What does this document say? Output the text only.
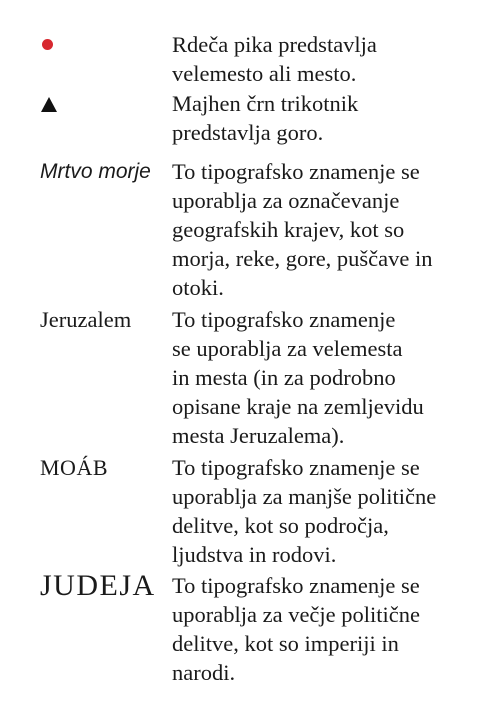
Rdeča pika predstavlja
velemesto ali mesto.
Majhen črn trikotnik
predstavlja goro.
Mrtvo morje To tipografsko znamenje se
uporablja za označevanje
geografskih krajev, kot so
morja, reke, gore, puščave in
otoki.
Jeruzalem To tipografsko znamenje
se uporablja za velemesta
in mesta (in za podrobno
opisane kraje na zemljevidu
mesta Jeruzalema).
MOÁB	To tipografsko znamenje se
uporablja za manjše politične
delitve, kot so področja,
ljudstva in rodovi.
JUDEJA To tipografsko znamenje se
uporablja za večje politične
delitve, kot so imperiji in
narodi.
